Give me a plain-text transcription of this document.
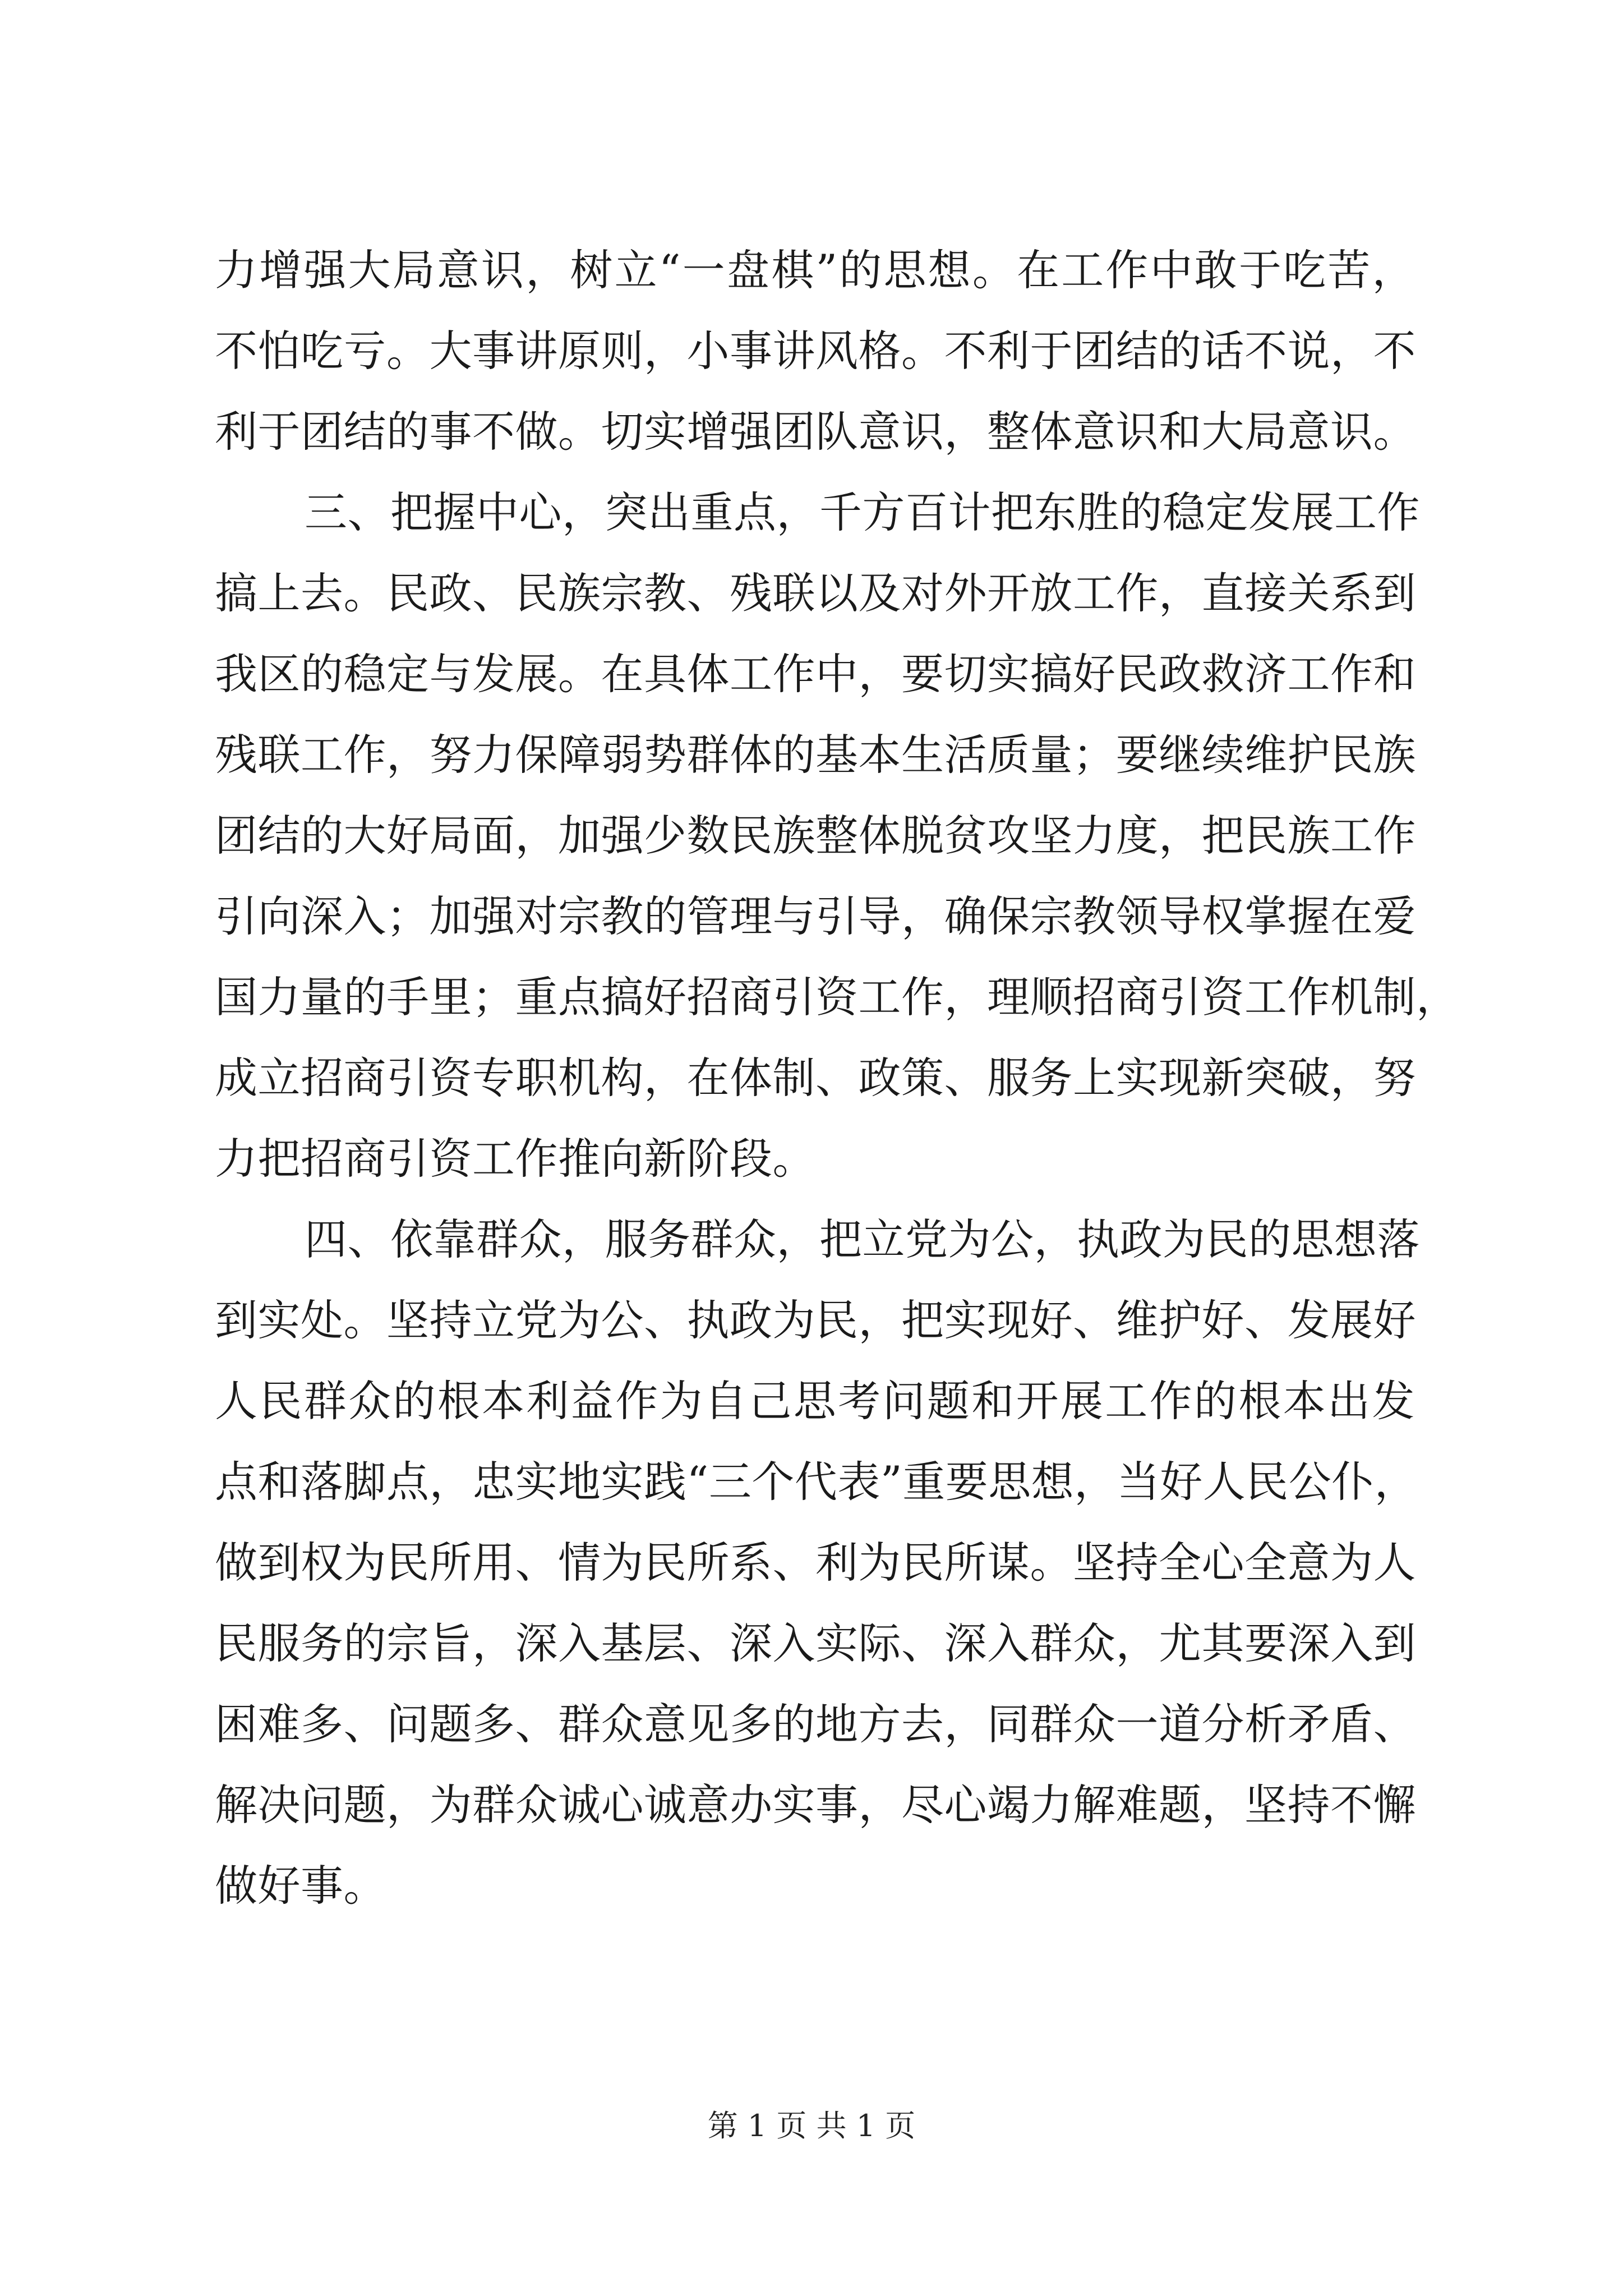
力增强大局意识，树立“一盘棋”的思想。在工作中敢于吃苦，
不怕吃亏。大事讲原则，小事讲风格。不利于团结的话不说，不
利于团结的事不做。切实增强团队意识，整体意识和大局意识。
三、把握中心，突出重点，千方百计把东胜的稳定发展工作
搞上去。民政、民族宗教、残联以及对外开放工作，直接关系到
我区的稳定与发展。在具体工作中，要切实搞好民政救济工作和
残联工作，努力保障弱势群体的基本生活质量；要继续维护民族
团结的大好局面，加强少数民族整体脱贫攻坚力度，把民族工作
引向深入；加强对宗教的管理与引导，确保宗教领导权掌握在爱
国力量的手里；重点搞好招商引资工作，理顺招商引资工作机制，
成立招商引资专职机构，在体制、政策、服务上实现新突破，努
力把招商引资工作推向新阶段。
四、依靠群众，服务群众，把立党为公，执政为民的思想落
到实处。坚持立党为公、执政为民，把实现好、维护好、发展好
人民群众的根本利益作为自己思考问题和开展工作的根本出发
点和落脚点，忠实地实践“三个代表”重要思想，当好人民公仆，
做到权为民所用、情为民所系、利为民所谋。坚持全心全意为人
民服务的宗旨，深入基层、深入实际、深入群众，尤其要深入到
困难多、问题多、群众意见多的地方去，同群众一道分析矛盾、
解决问题，为群众诚心诚意办实事，尽心竭力解难题，坚持不懈
做好事。
第 1 页 共 1 页
